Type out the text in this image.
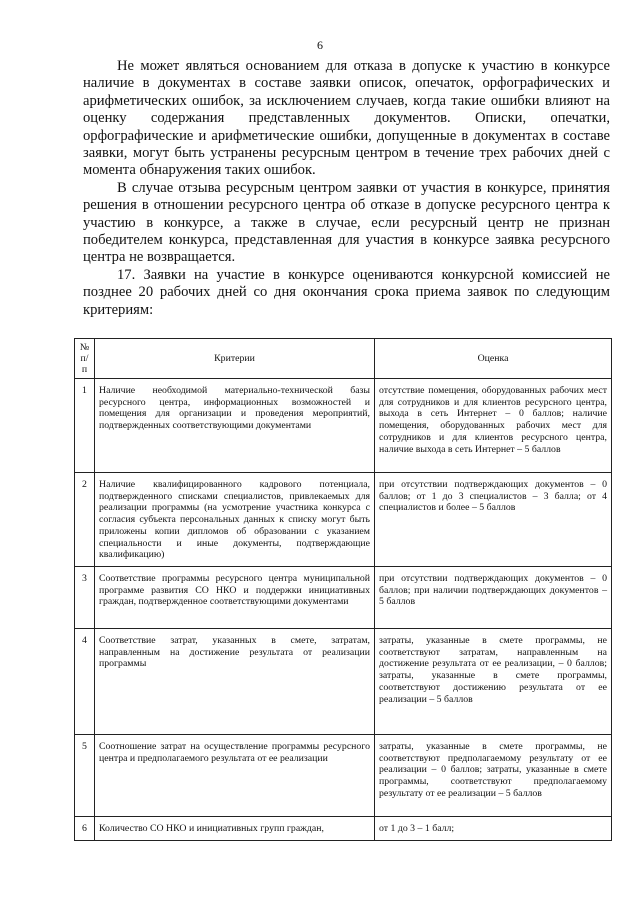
6

Не может являться основанием для отказа в допуске к участию в конкурсе наличие в документах в составе заявки описок, опечаток, орфографических и арифметических ошибок, за исключением случаев, когда такие ошибки влияют на оценку содержания представленных документов. Описки, опечатки, орфографические и арифметические ошибки, допущенные в документах в составе заявки, могут быть устранены ресурсным центром в течение трех рабочих дней с момента обнаружения таких ошибок.

В случае отзыва ресурсным центром заявки от участия в конкурсе, принятия решения в отношении ресурсного центра об отказе в допуске ресурсного центра к участию в конкурсе, а также в случае, если ресурсный центр не признан победителем конкурса, представленная для участия в конкурсе заявка ресурсного центра не возвращается.

17. Заявки на участие в конкурсе оцениваются конкурсной комиссией не позднее 20 рабочих дней со дня окончания срока приема заявок по следующим критериям:

№ п/п	Критерии	Оценка
1	Наличие необходимой материально-технической базы ресурсного центра, информационных возможностей и помещения для организации и проведения мероприятий, подтвержденных соответствующими документами	отсутствие помещения, оборудованных рабочих мест для сотрудников и для клиентов ресурсного центра, выхода в сеть Интернет – 0 баллов; наличие помещения, оборудованных рабочих мест для сотрудников и для клиентов ресурсного центра, наличие выхода в сеть Интернет – 5 баллов
2	Наличие квалифицированного кадрового потенциала, подтвержденного списками специалистов, привлекаемых для реализации программы (на усмотрение участника конкурса с согласия субъекта персональных данных к списку могут быть приложены копии дипломов об образовании с указанием специальности и иные документы, подтверждающие квалификацию)	при отсутствии подтверждающих документов – 0 баллов; от 1 до 3 специалистов – 3 балла; от 4 специалистов и более – 5 баллов
3	Соответствие программы ресурсного центра муниципальной программе развития СО НКО и поддержки инициативных граждан, подтвержденное соответствующими документами	при отсутствии подтверждающих документов – 0 баллов; при наличии подтверждающих документов – 5 баллов
4	Соответствие затрат, указанных в смете, затратам, направленным на достижение результата от реализации программы	затраты, указанные в смете программы, не соответствуют затратам, направленным на достижение результата от ее реализации, – 0 баллов; затраты, указанные в смете программы, соответствуют достижению результата от ее реализации – 5 баллов
5	Соотношение затрат на осуществление программы ресурсного центра и предполагаемого результата от ее реализации	затраты, указанные в смете программы, не соответствуют предполагаемому результату от ее реализации – 0 баллов; затраты, указанные в смете программы, соответствуют предполагаемому результату от ее реализации – 5 баллов
6	Количество СО НКО и инициативных групп граждан,	от 1 до 3 – 1 балл;
